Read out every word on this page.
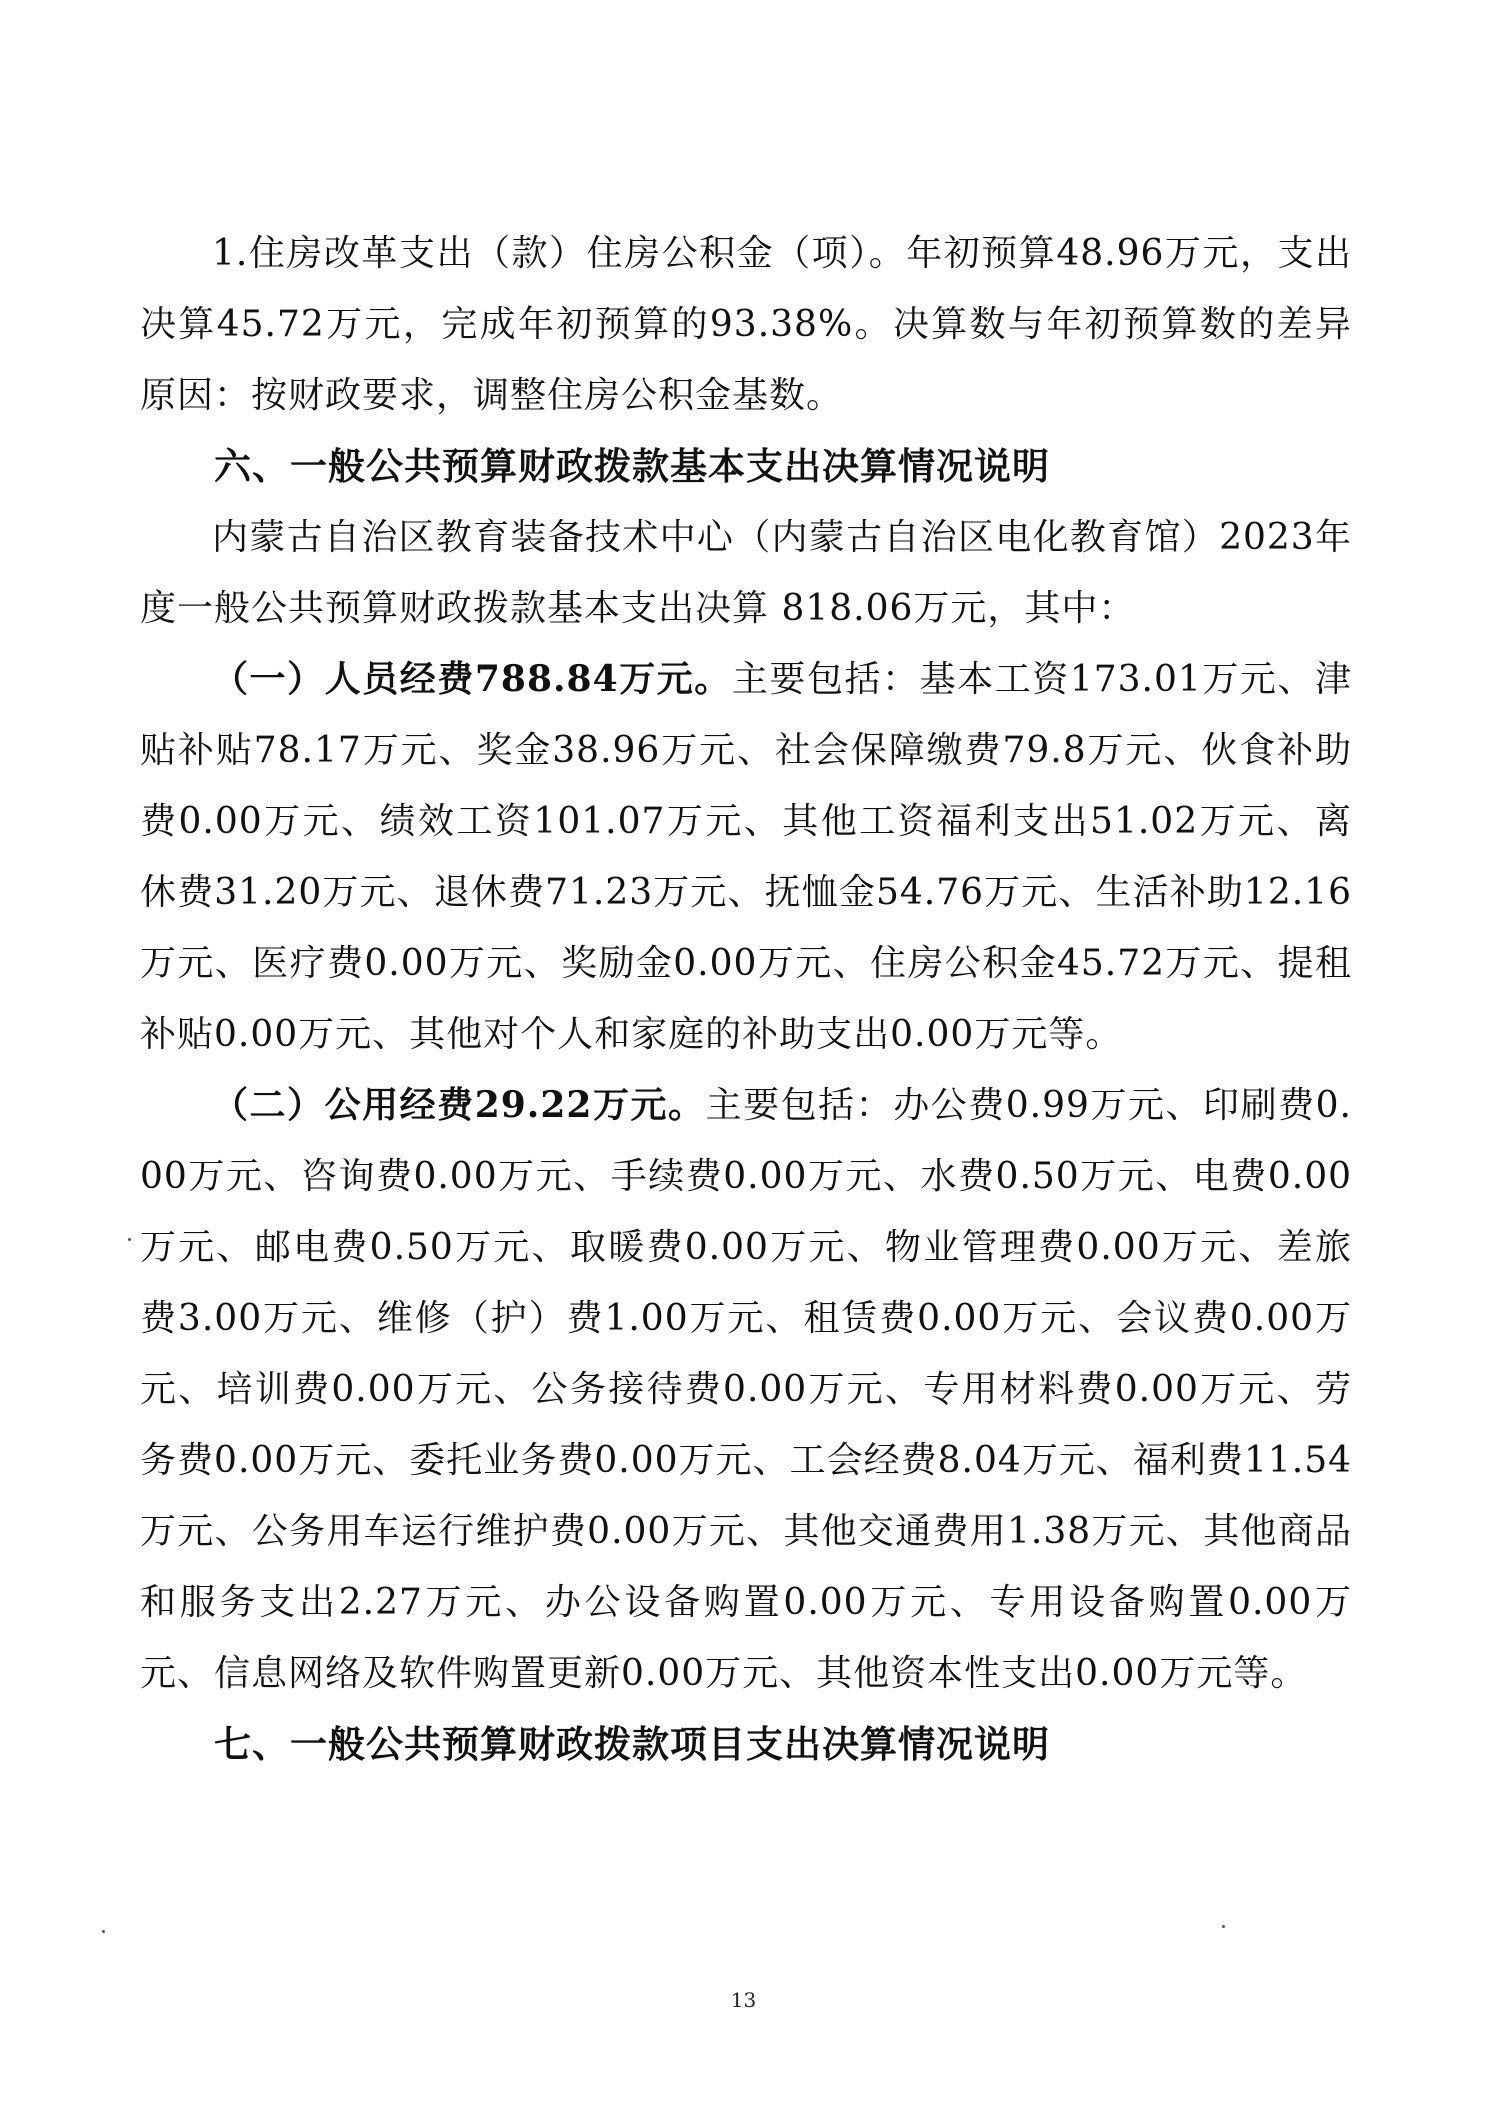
1.住房改革支出（款）住房公积金（项）。年初预算48.96万元，支出决算45.72万元，完成年初预算的93.38%。决算数与年初预算数的差异原因：按财政要求，调整住房公积金基数。

六、一般公共预算财政拨款基本支出决算情况说明

内蒙古自治区教育装备技术中心（内蒙古自治区电化教育馆）2023年度一般公共预算财政拨款基本支出决算 818.06万元，其中：

（一）人员经费788.84万元。主要包括：基本工资173.01万元、津贴补贴78.17万元、奖金38.96万元、社会保障缴费79.8万元、伙食补助费0.00万元、绩效工资101.07万元、其他工资福利支出51.02万元、离休费31.20万元、退休费71.23万元、抚恤金54.76万元、生活补助12.16万元、医疗费0.00万元、奖励金0.00万元、住房公积金45.72万元、提租补贴0.00万元、其他对个人和家庭的补助支出0.00万元等。

（二）公用经费29.22万元。主要包括：办公费0.99万元、印刷费0.00万元、咨询费0.00万元、手续费0.00万元、水费0.50万元、电费0.00万元、邮电费0.50万元、取暖费0.00万元、物业管理费0.00万元、差旅费3.00万元、维修（护）费1.00万元、租赁费0.00万元、会议费0.00万元、培训费0.00万元、公务接待费0.00万元、专用材料费0.00万元、劳务费0.00万元、委托业务费0.00万元、工会经费8.04万元、福利费11.54万元、公务用车运行维护费0.00万元、其他交通费用1.38万元、其他商品和服务支出2.27万元、办公设备购置0.00万元、专用设备购置0.00万元、信息网络及软件购置更新0.00万元、其他资本性支出0.00万元等。

七、一般公共预算财政拨款项目支出决算情况说明

13
